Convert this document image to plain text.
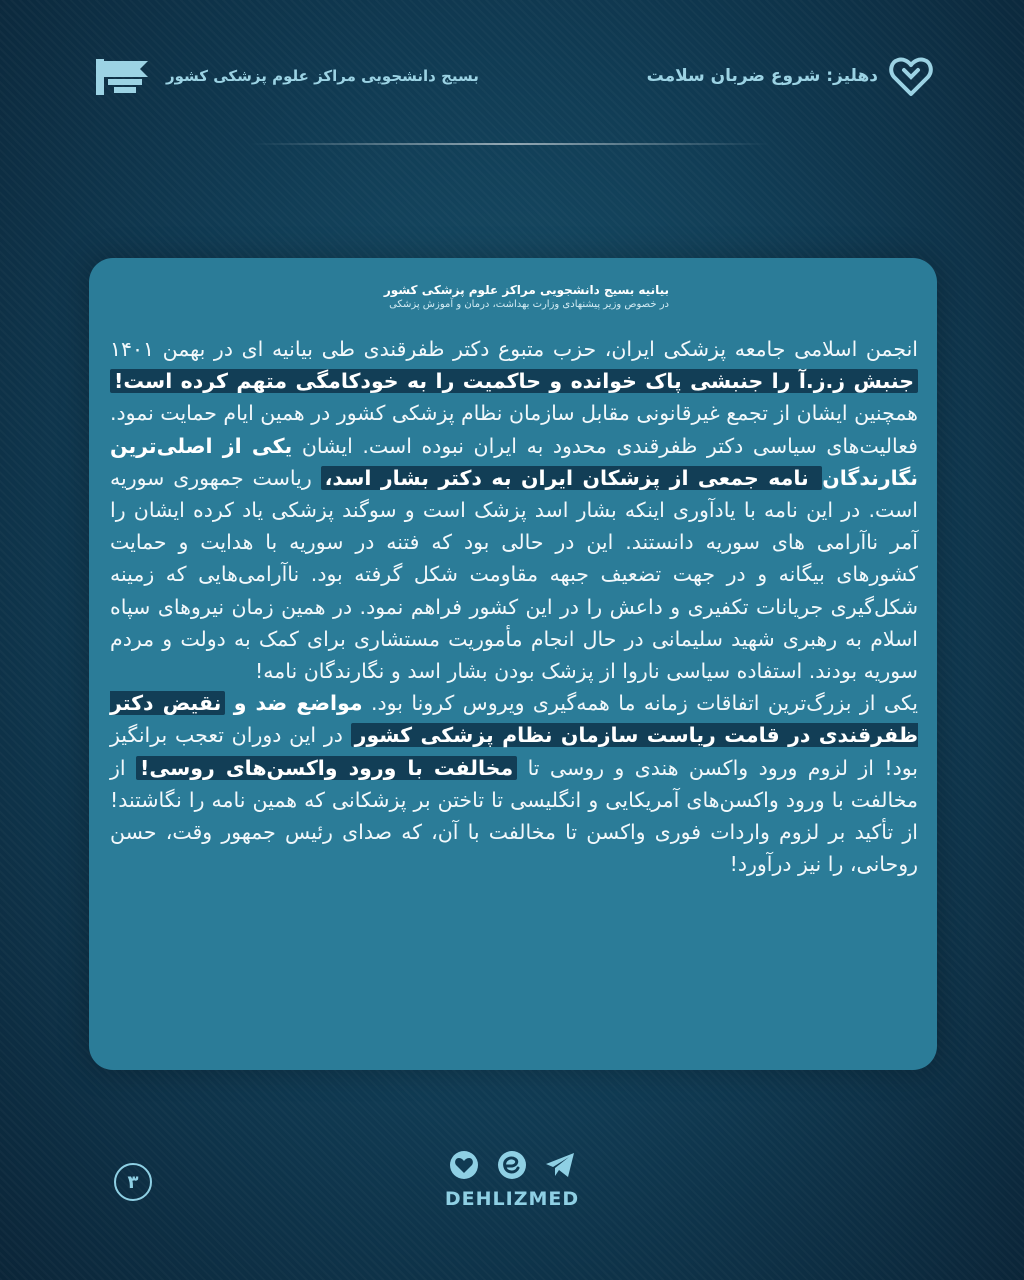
دهلیز: شروع ضربان سلامت
بسیج دانشجویی مراکز علوم پزشکی کشور
بیانیه بسیج دانشجویی مراکز علوم پزشکی کشور
در خصوص وزیر پیشنهادی وزارت بهداشت، درمان و آموزش پزشکی

انجمن اسلامی جامعه پزشکی ایران، حزب متبوع دکتر ظفرقندی طی بیانیه ای در بهمن ۱۴۰۱ جنبش ز.ز.آ را جنبشی پاک خوانده و حاکمیت را به خودکامگی متهم کرده است! همچنین ایشان از تجمع غیرقانونی مقابل سازمان نظام پزشکی کشور در همین ایام حمایت نمود.

فعالیت‌های سیاسی دکتر ظفرقندی محدود به ایران نبوده است. ایشان یکی از اصلی‌ترین نگارندگان نامه جمعی از پزشکان ایران به دکتر بشار اسد، ریاست جمهوری سوریه است. در این نامه با یادآوری اینکه بشار اسد پزشک است و سوگند پزشکی یاد کرده ایشان را آمر ناآرامی های سوریه دانستند. این در حالی بود که فتنه در سوریه با هدایت و حمایت کشورهای بیگانه و در جهت تضعیف جبهه مقاومت شکل گرفته بود. ناآرامی‌هایی که زمینه شکل‌گیری جریانات تکفیری و داعش را در این کشور فراهم نمود. در همین زمان نیروهای سپاه اسلام به رهبری شهید سلیمانی در حال انجام مأموریت مستشاری برای کمک به دولت و مردم سوریه بودند. استفاده سیاسی ناروا از پزشک بودن بشار اسد و نگارندگان نامه!

یکی از بزرگ‌ترین اتفاقات زمانه ما همه‌گیری ویروس کرونا بود. مواضع ضد و نقیض دکتر ظفرقندی در قامت ریاست سازمان نظام پزشکی کشور در این دوران تعجب برانگیز بود! از لزوم ورود واکسن هندی و روسی تا مخالفت با ورود واکسن‌های روسی! از مخالفت با ورود واکسن‌های آمریکایی و انگلیسی تا تاختن بر پزشکانی که همین نامه را نگاشتند! از تأکید بر لزوم واردات فوری واکسن تا مخالفت با آن، که صدای رئیس جمهور وقت، حسن روحانی، را نیز درآورد!

۳
DEHLIZMED
